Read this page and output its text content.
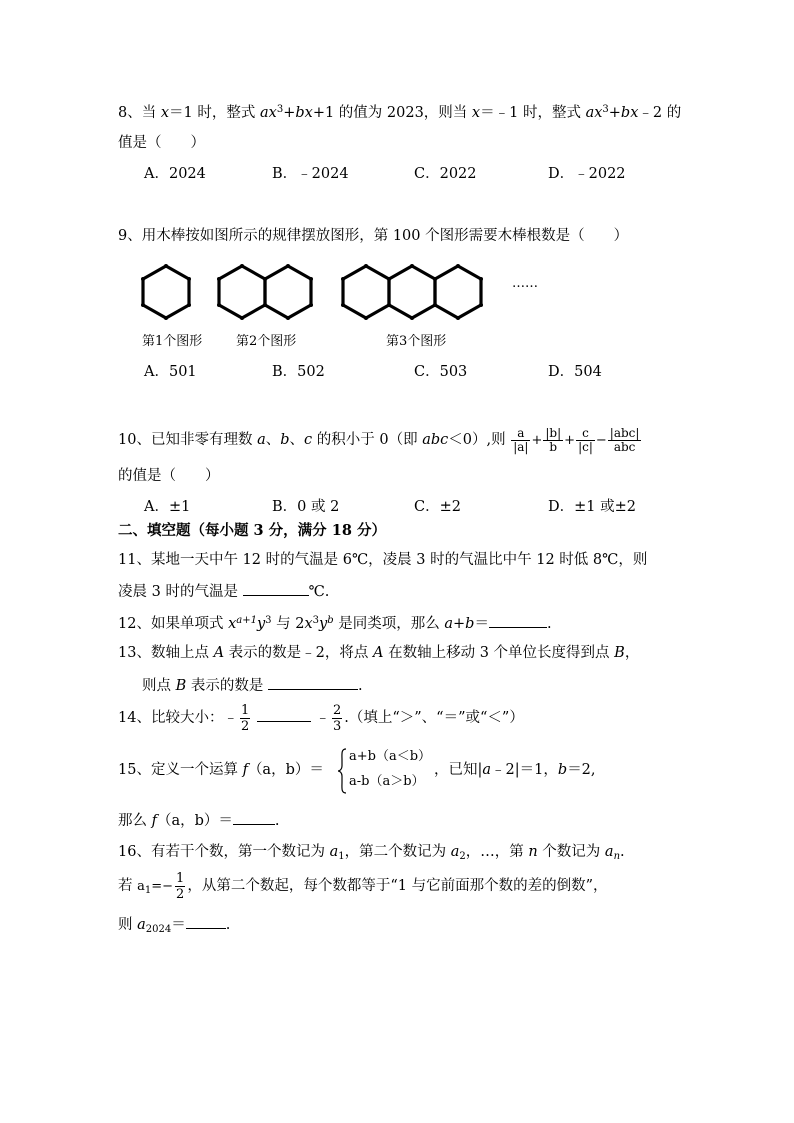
8、当 x＝1 时，整式 $ax^3+bx+1$ 的值为 2023，则当 x＝﹣1 时，整式 $ax^3+bx﹣2$ 的
值是（　　）
A．2024	B．﹣2024	C．2022	D．﹣2022
9、用木棒按如图所示的规律摆放图形，第 100 个图形需要木棒根数是（　　）
……
第1个图形	第2个图形	第3个图形
A．501	B．502	C．503	D．504
10、已知非零有理数 a、b、c 的积小于 0（即 abc＜0）,则 $\frac{a}{|a|} + \frac{|b|}{b} + \frac{c}{|c|} - \frac{\text{|abc|}}{\text{abc}}$
的值是（　　）
A．±1	B．0 或 2	C．±2	D．±1 或±2
二、填空题（每小题 3 分，满分 18 分）
11、某地一天中午 12 时的气温是 6℃，凌晨 3 时的气温比中午 12 时低 8℃，则
凌晨 3 时的气温是	℃.
12、如果单项式 $x^{a+1}y^3$ 与 $2x^3y^b$ 是同类项，那么 a+b＝	.
13、数轴上点 A 表示的数是﹣2，将点 A 在数轴上移动 3 个单位长度得到点 B，
则点 B 表示的数是	.
14、比较大小：﹣ $\frac{1}{2}$	﹣ $\frac{2}{3}$ .（填上“＞”、“＝”或“＜”）
15、定义一个运算 f（a，b）＝
a+b（a＜b）
a-b（a＞b）
，已知|a﹣2|＝1，b＝2,
那么 f（a，b）＝	.
16、有若干个数，第一个数记为 $a_1$，第二个数记为 $a_2$，…，第 n 个数记为 $a_n$.
若 $a_1=- \frac{1}{2}$ ，从第二个数起，每个数都等于“1 与它前面那个数的差的倒数”，
则 $a_{2024}=$	.
